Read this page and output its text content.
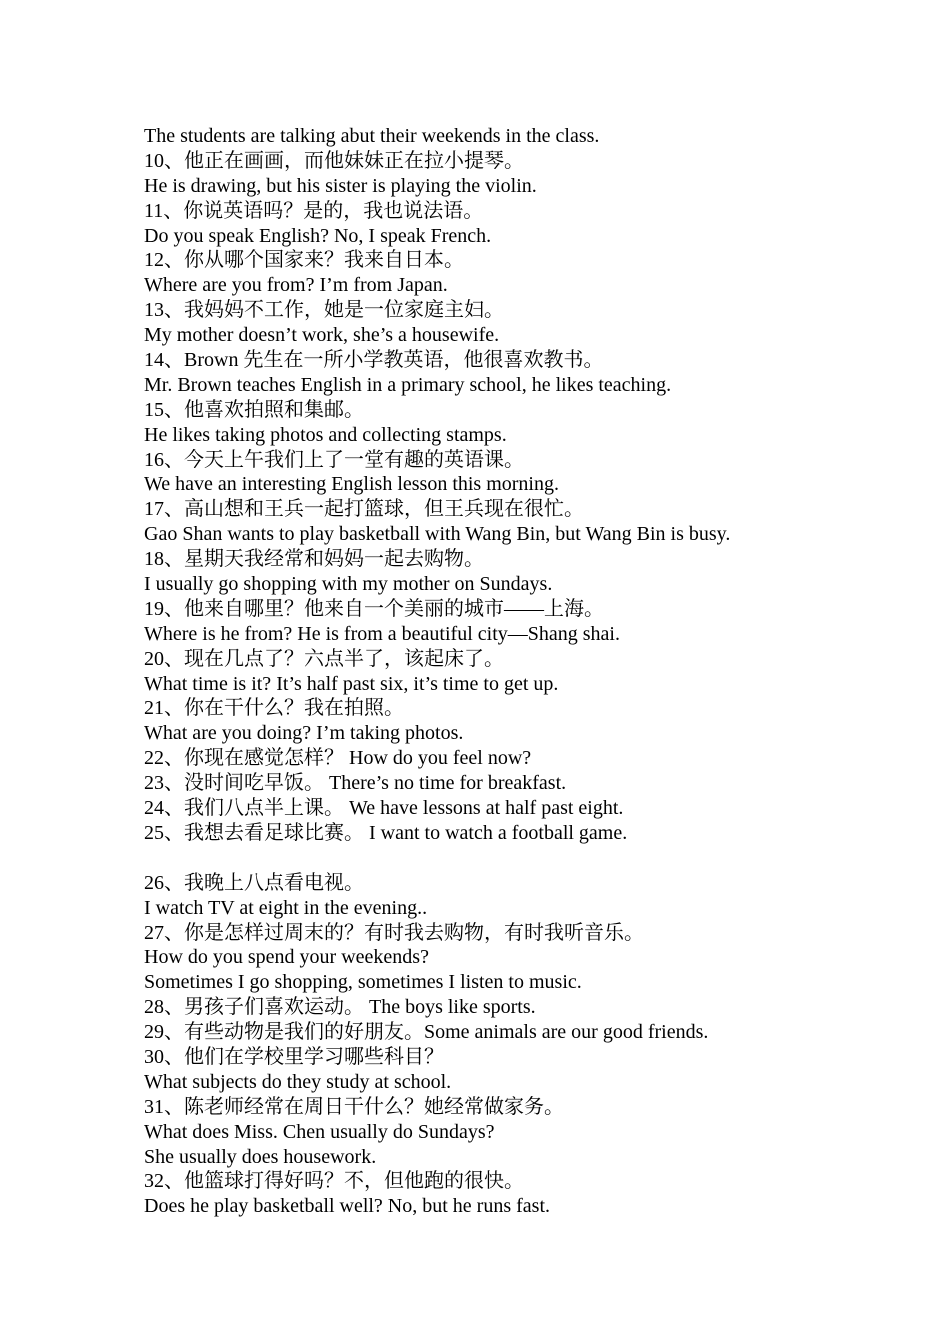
The students are talking abut their weekends in the class.
10、他正在画画，而他妹妹正在拉小提琴。
He is drawing, but his sister is playing the violin.
11、你说英语吗？是的，我也说法语。
Do you speak English? No, I speak French.
12、你从哪个国家来？我来自日本。
Where are you from? I’m from Japan.
13、我妈妈不工作，她是一位家庭主妇。
My mother doesn’t work, she’s a housewife.
14、Brown 先生在一所小学教英语，他很喜欢教书。
Mr. Brown teaches English in a primary school, he likes teaching.
15、他喜欢拍照和集邮。
He likes taking photos and collecting stamps.
16、今天上午我们上了一堂有趣的英语课。
We have an interesting English lesson this morning.
17、高山想和王兵一起打篮球，但王兵现在很忙。
Gao Shan wants to play basketball with Wang Bin, but Wang Bin is busy.
18、星期天我经常和妈妈一起去购物。
I usually go shopping with my mother on Sundays.
19、他来自哪里？他来自一个美丽的城市——上海。
Where is he from? He is from a beautiful city—Shang shai.
20、现在几点了？六点半了，该起床了。
What time is it? It’s half past six, it’s time to get up.
21、你在干什么？我在拍照。
What are you doing? I’m taking photos.
22、你现在感觉怎样？ How do you feel now?
23、没时间吃早饭。 There’s no time for breakfast.
24、我们八点半上课。 We have lessons at half past eight.
25、我想去看足球比赛。 I want to watch a football game.
26、我晚上八点看电视。
I watch TV at eight in the evening..
27、你是怎样过周末的？有时我去购物，有时我听音乐。
How do you spend your weekends?
Sometimes I go shopping, sometimes I listen to music.
28、男孩子们喜欢运动。 The boys like sports.
29、有些动物是我们的好朋友。Some animals are our good friends.
30、他们在学校里学习哪些科目？
What subjects do they study at school.
31、陈老师经常在周日干什么？她经常做家务。
What does Miss. Chen usually do Sundays?
She usually does housework.
32、他篮球打得好吗？不，但他跑的很快。
Does he play basketball well? No, but he runs fast.
